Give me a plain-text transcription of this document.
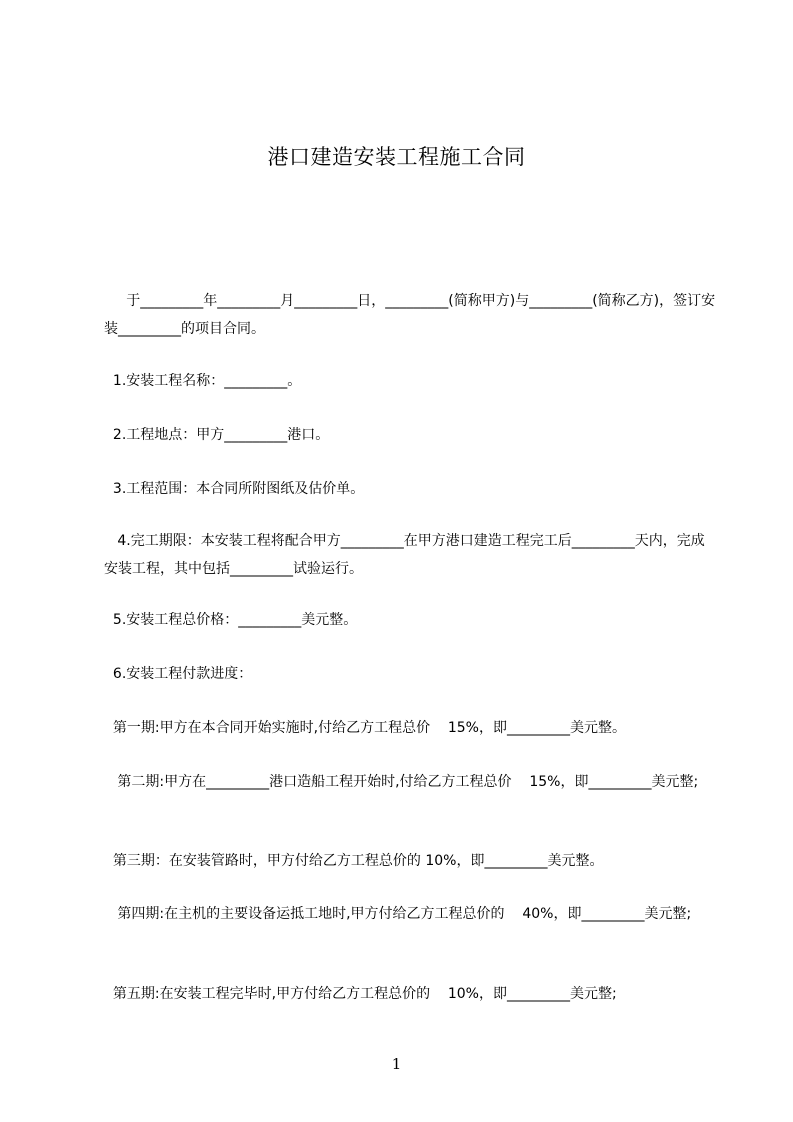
港口建造安装工程施工合同
于_________年_________月_________日，_________(简称甲方)与_________(简称乙方)，签订安装_________的项目合同。
1.安装工程名称：_________。
2.工程地点：甲方_________港口。
3.工程范围：本合同所附图纸及估价单。
4.完工期限：本安装工程将配合甲方_________在甲方港口建造工程完工后_________天内，完成安装工程，其中包括_________试验运行。
5.安装工程总价格：_________美元整。
6.安装工程付款进度：
第一期:甲方在本合同开始实施时,付给乙方工程总价    15%，即_________美元整。
第二期:甲方在_________港口造船工程开始时,付给乙方工程总价    15%，即_________美元整;
第三期：在安装管路时，甲方付给乙方工程总价的 10%，即_________美元整。
第四期:在主机的主要设备运抵工地时,甲方付给乙方工程总价的    40%，即_________美元整;
第五期:在安装工程完毕时,甲方付给乙方工程总价的    10%，即_________美元整;
1
